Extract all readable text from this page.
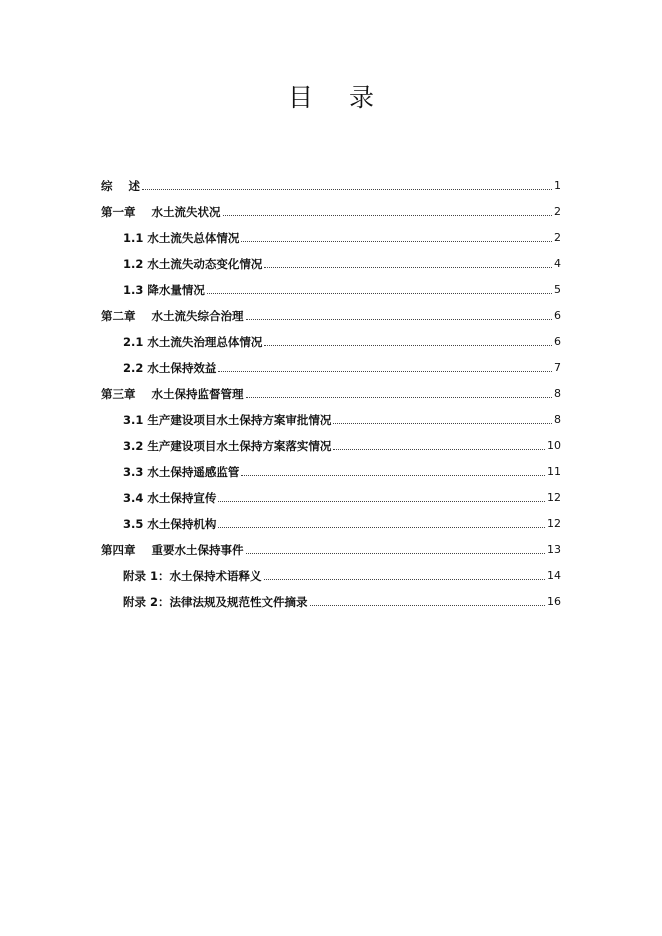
目 录
综    述	1
第一章    水土流失状况	2
1.1 水土流失总体情况	2
1.2 水土流失动态变化情况	4
1.3 降水量情况	5
第二章    水土流失综合治理	6
2.1 水土流失治理总体情况	6
2.2 水土保持效益	7
第三章    水土保持监督管理	8
3.1 生产建设项目水土保持方案审批情况	8
3.2 生产建设项目水土保持方案落实情况	10
3.3 水土保持遥感监管	11
3.4 水土保持宣传	12
3.5 水土保持机构	12
第四章    重要水土保持事件	13
附录 1：水土保持术语释义	14
附录 2：法律法规及规范性文件摘录	16
